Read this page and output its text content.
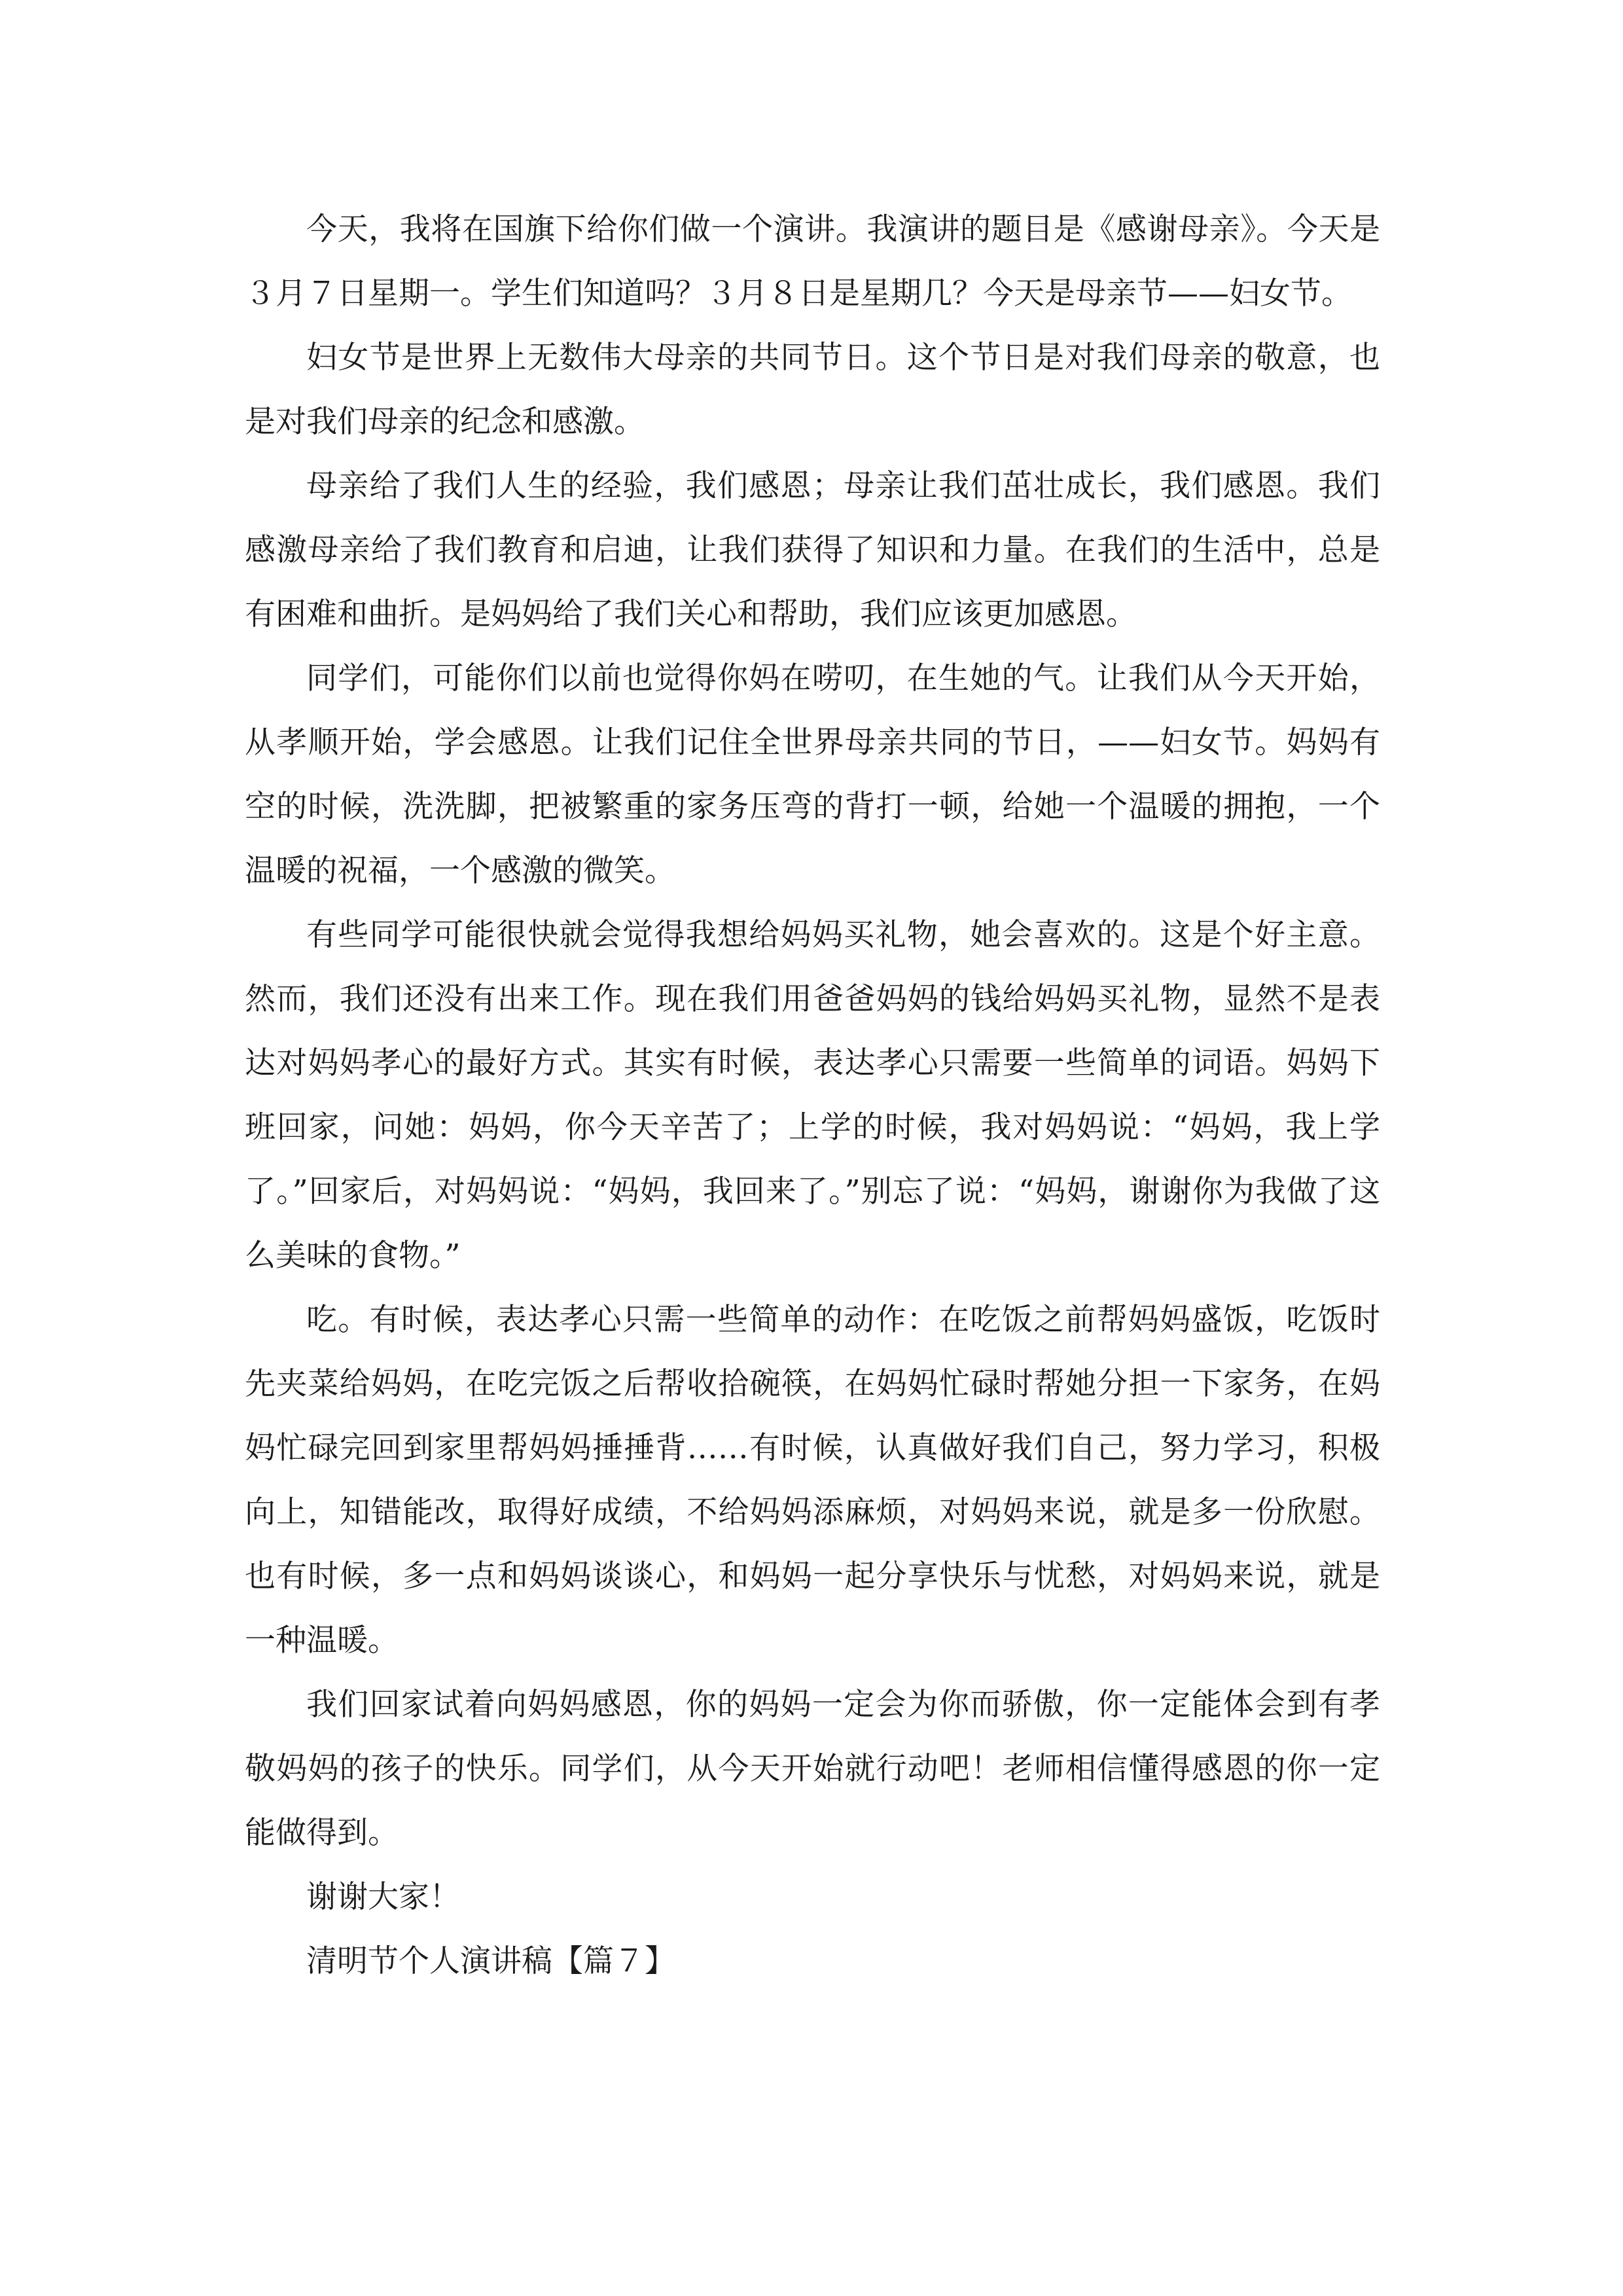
今天，我将在国旗下给你们做一个演讲。我演讲的题目是《感谢母亲》。今天是３月７日星期一。学生们知道吗？３月８日是星期几？今天是母亲节——妇女节。

妇女节是世界上无数伟大母亲的共同节日。这个节日是对我们母亲的敬意，也是对我们母亲的纪念和感激。

母亲给了我们人生的经验，我们感恩；母亲让我们茁壮成长，我们感恩。我们感激母亲给了我们教育和启迪，让我们获得了知识和力量。在我们的生活中，总是有困难和曲折。是妈妈给了我们关心和帮助，我们应该更加感恩。

同学们，可能你们以前也觉得你妈在唠叨，在生她的气。让我们从今天开始，从孝顺开始，学会感恩。让我们记住全世界母亲共同的节日，——妇女节。妈妈有空的时候，洗洗脚，把被繁重的家务压弯的背打一顿，给她一个温暖的拥抱，一个温暖的祝福，一个感激的微笑。

有些同学可能很快就会觉得我想给妈妈买礼物，她会喜欢的。这是个好主意。然而，我们还没有出来工作。现在我们用爸爸妈妈的钱给妈妈买礼物，显然不是表达对妈妈孝心的最好方式。其实有时候，表达孝心只需要一些简单的词语。妈妈下班回家，问她：妈妈，你今天辛苦了；上学的时候，我对妈妈说：“妈妈，我上学了。”回家后，对妈妈说：“妈妈，我回来了。”别忘了说：“妈妈，谢谢你为我做了这么美味的食物。”

吃。有时候，表达孝心只需一些简单的动作：在吃饭之前帮妈妈盛饭，吃饭时先夹菜给妈妈，在吃完饭之后帮收拾碗筷，在妈妈忙碌时帮她分担一下家务，在妈妈忙碌完回到家里帮妈妈捶捶背……有时候，认真做好我们自己，努力学习，积极向上，知错能改，取得好成绩，不给妈妈添麻烦，对妈妈来说，就是多一份欣慰。也有时候，多一点和妈妈谈谈心，和妈妈一起分享快乐与忧愁，对妈妈来说，就是一种温暖。

我们回家试着向妈妈感恩，你的妈妈一定会为你而骄傲，你一定能体会到有孝敬妈妈的孩子的快乐。同学们，从今天开始就行动吧！老师相信懂得感恩的你一定能做得到。

谢谢大家！

清明节个人演讲稿【篇７】
